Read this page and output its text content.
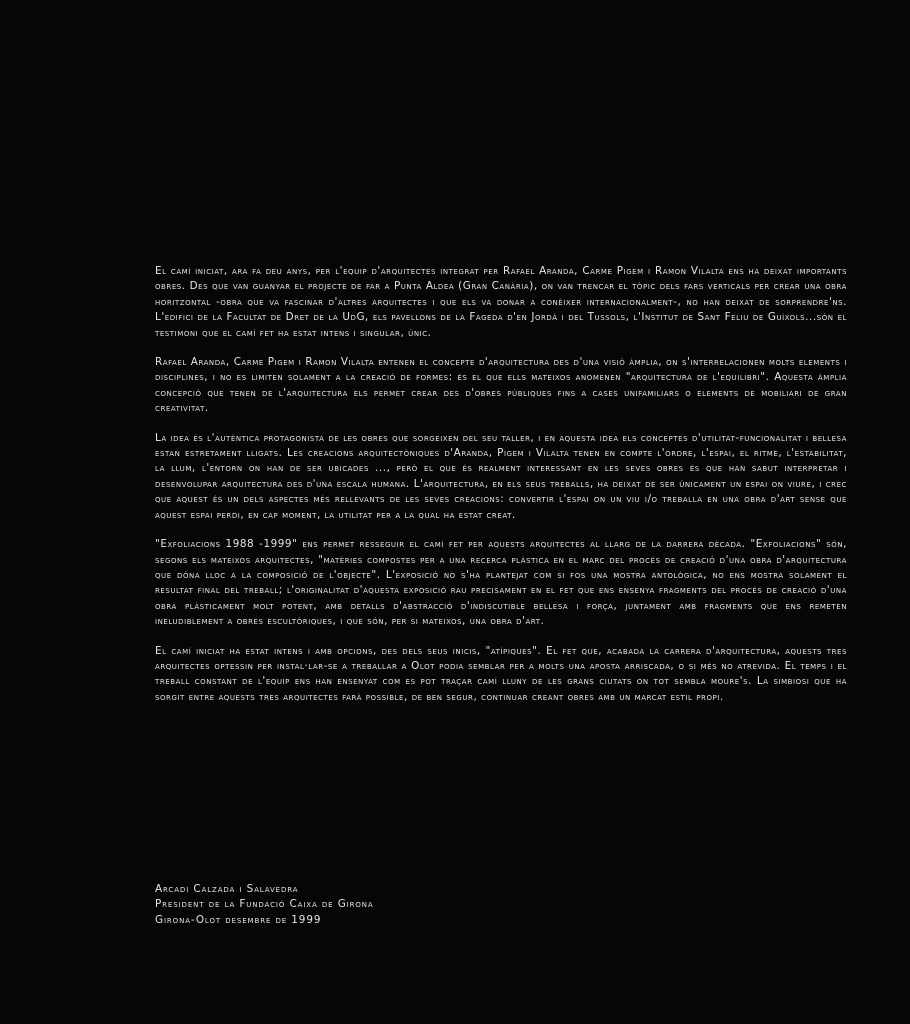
El camí iniciat, ara fa deu anys, per l'equip d'arquitectes integrat per Rafael Aranda, Carme Pigem i Ramon Vilalta ens ha deixat importants obres. Des que van guanyar el projecte de far a Punta Aldea (Gran Canària), on van trencar el tòpic dels fars verticals per crear una obra horitzontal -obra que va fascinar d'altres arquitectes i que els va donar a conèixer internacionalment-, no han deixat de sorprendre'ns. L'edifici de la Facultat de Dret de la UdG, els pavellons de la Fageda d'en Jordà i del Tussols, l'Institut de Sant Feliu de Guíxols...són el testimoni que el camí fet ha estat intens i singular, únic.

Rafael Aranda, Carme Pigem i Ramon Vilalta entenen el concepte d'arquitectura des d'una visió àmplia, on s'interrelacionen molts elements i disciplines, i no es limiten solament a la creació de formes: és el que ells mateixos anomenen "arquitectura de l'equilibri". Aquesta àmplia concepció que tenen de l'arquitectura els permet crear des d'obres públiques fins a cases unifamiliars o elements de mobiliari de gran creativitat.

La idea és l'autèntica protagonista de les obres que sorgeixen del seu taller, i en aquesta idea els conceptes d'utilitat-funcionalitat i bellesa estan estretament lligats. Les creacions arquitectòniques d'Aranda, Pigem i Vilalta tenen en compte l'ordre, l'espai, el ritme, l'estabilitat, la llum, l'entorn on han de ser ubicades ..., però el que és realment interessant en les seves obres és que han sabut interpretar i desenvolupar arquitectura des d'una escala humana. L'arquitectura, en els seus treballs, ha deixat de ser únicament un espai on viure, i crec que aquest és un dels aspectes més rellevants de les seves creacions: convertir l'espai on un viu i/o treballa en una obra d'art sense que aquest espai perdi, en cap moment, la utilitat per a la qual ha estat creat.

"Exfoliacions 1988 -1999" ens permet resseguir el camí fet per aquests arquitectes al llarg de la darrera dècada. "Exfoliacions" són, segons els mateixos arquitectes, "matèries compostes per a una recerca plàstica en el marc del procés de creació d'una obra d'arquitectura que dóna lloc a la composició de l'objecte". L'exposició no s'ha plantejat com si fos una mostra antològica, no ens mostra solament el resultat final del treball; l'originalitat d'aquesta exposició rau precisament en el fet que ens ensenya fragments del procés de creació d'una obra plàsticament molt potent, amb detalls d'abstracció d'indiscutible bellesa i força, juntament amb fragments que ens remeten ineludiblement a obres escultòriques, i que són, per si mateixos, una obra d'art.

El camí iniciat ha estat intens i amb opcions, des dels seus inicis, "atípiques". El fet que, acabada la carrera d'arquitectura, aquests tres arquitectes optessin per instal·lar-se a treballar a Olot podia semblar per a molts una aposta arriscada, o si més no atrevida. El temps i el treball constant de l'equip ens han ensenyat com es pot traçar camí lluny de les grans ciutats on tot sembla moure's. La simbiosi que ha sorgit entre aquests tres arquitectes farà possible, de ben segur, continuar creant obres amb un marcat estil propi.

Arcadi Calzada i Salavedra
President de la Fundació Caixa de Girona
Girona-Olot desembre de 1999
